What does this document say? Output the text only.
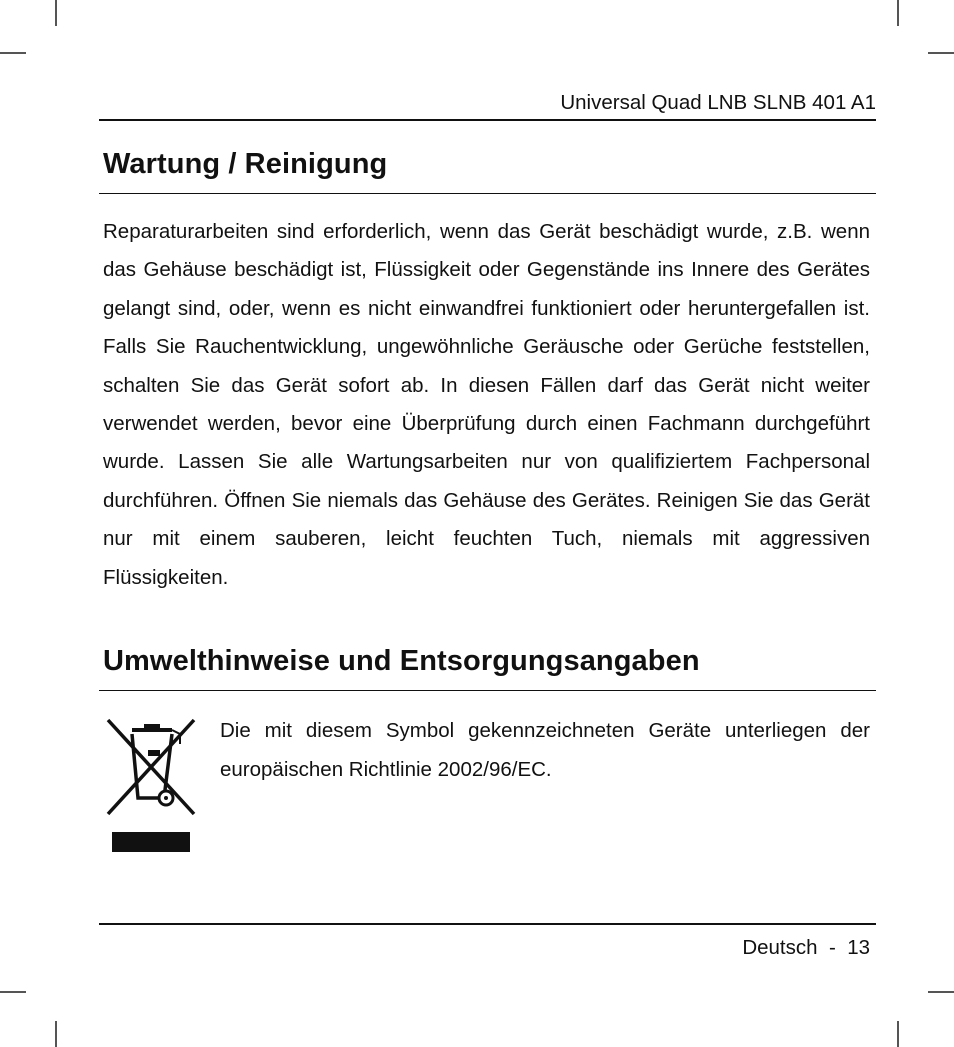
Universal Quad LNB SLNB 401 A1
Wartung / Reinigung

Reparaturarbeiten sind erforderlich, wenn das Gerät beschädigt wurde, z.B. wenn das Gehäuse beschädigt ist, Flüssigkeit oder Gegenstände ins Innere des Gerätes gelangt sind, oder, wenn es nicht einwandfrei funktioniert oder heruntergefallen ist. Falls Sie Rauchentwicklung, ungewöhnliche Geräusche oder Gerüche feststellen, schalten Sie das Gerät sofort ab. In diesen Fällen darf das Gerät nicht weiter verwendet werden, bevor eine Überprüfung durch einen Fachmann durchgeführt wurde. Lassen Sie alle Wartungsarbeiten nur von qualifiziertem Fachpersonal durchführen. Öffnen Sie niemals das Gehäuse des Gerätes. Reinigen Sie das Gerät nur mit einem sauberen, leicht feuchten Tuch, niemals mit aggressiven Flüssigkeiten.

Umwelthinweise und Entsorgungsangaben
Die mit diesem Symbol gekennzeichneten Geräte unterliegen der europäischen Richtlinie 2002/96/EC.
Deutsch - 13
